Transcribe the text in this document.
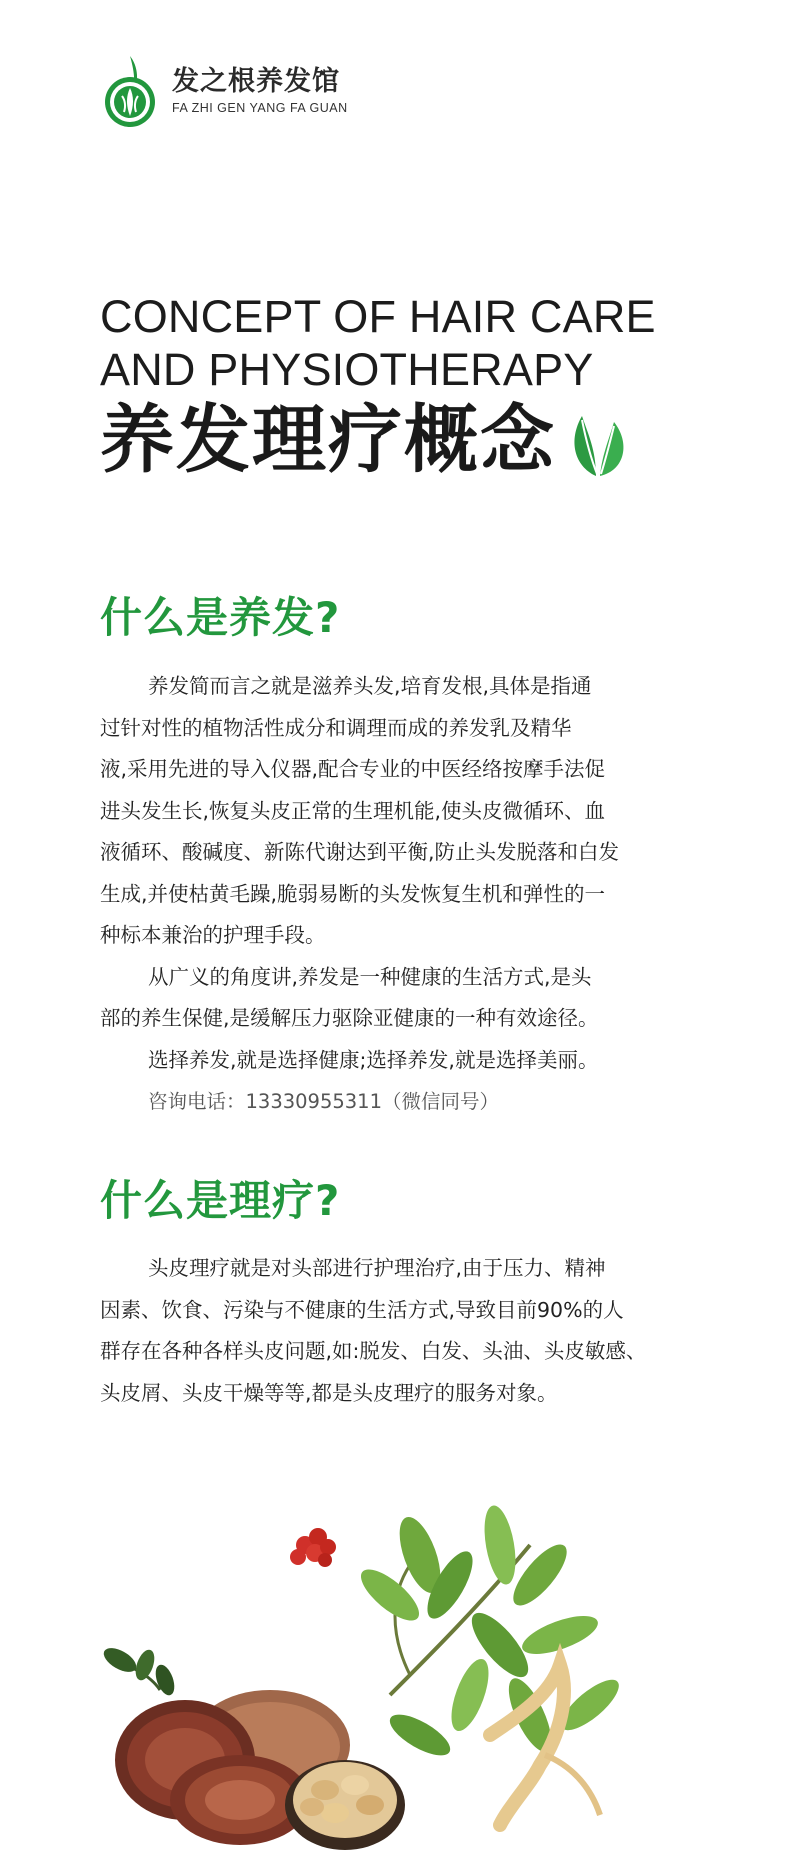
发之根养发馆
FA ZHI GEN YANG FA GUAN
CONCEPT OF HAIR CARE
AND PHYSIOTHERAPY
养发理疗概念
什么是养发?
养发简而言之就是滋养头发,培育发根,具体是指通
过针对性的植物活性成分和调理而成的养发乳及精华
液,采用先进的导入仪器,配合专业的中医经络按摩手法促
进头发生长,恢复头皮正常的生理机能,使头皮微循环、血
液循环、酸碱度、新陈代谢达到平衡,防止头发脱落和白发
生成,并使枯黄毛躁,脆弱易断的头发恢复生机和弹性的一
种标本兼治的护理手段。
从广义的角度讲,养发是一种健康的生活方式,是头
部的养生保健,是缓解压力驱除亚健康的一种有效途径。
选择养发,就是选择健康;选择养发,就是选择美丽。
咨询电话：13330955311（微信同号）
什么是理疗?
头皮理疗就是对头部进行护理治疗,由于压力、精神
因素、饮食、污染与不健康的生活方式,导致目前90%的人
群存在各种各样头皮问题,如:脱发、白发、头油、头皮敏感、
头皮屑、头皮干燥等等,都是头皮理疗的服务对象。
